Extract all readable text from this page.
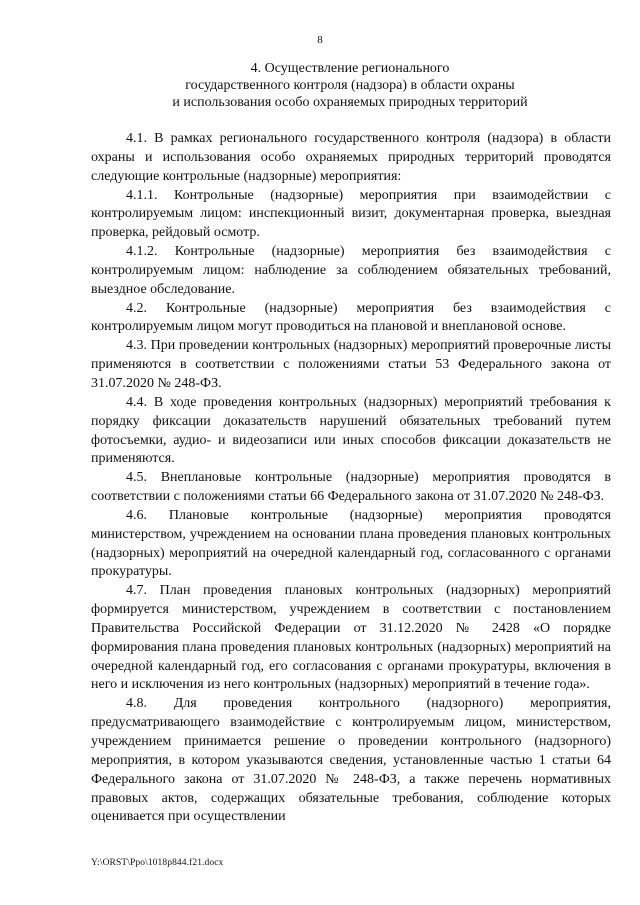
8
4. Осуществление регионального
государственного контроля (надзора) в области охраны
и использования особо охраняемых природных территорий

4.1. В рамках регионального государственного контроля (надзора) в области охраны и использования особо охраняемых природных территорий проводятся следующие контрольные (надзорные) мероприятия:

4.1.1. Контрольные (надзорные) мероприятия при взаимодействии с контролируемым лицом: инспекционный визит, документарная проверка, выездная проверка, рейдовый осмотр.

4.1.2. Контрольные (надзорные) мероприятия без взаимодействия с контролируемым лицом: наблюдение за соблюдением обязательных требований, выездное обследование.

4.2. Контрольные (надзорные) мероприятия без взаимодействия с контролируемым лицом могут проводиться на плановой и внеплановой основе.

4.3. При проведении контрольных (надзорных) мероприятий проверочные листы применяются в соответствии с положениями статьи 53 Федерального закона от 31.07.2020 № 248-ФЗ.

4.4. В ходе проведения контрольных (надзорных) мероприятий требования к порядку фиксации доказательств нарушений обязательных требований путем фотосъемки, аудио- и видеозаписи или иных способов фиксации доказательств не применяются.

4.5. Внеплановые контрольные (надзорные) мероприятия проводятся в соответствии с положениями статьи 66 Федерального закона от 31.07.2020 № 248-ФЗ.

4.6. Плановые контрольные (надзорные) мероприятия проводятся министерством, учреждением на основании плана проведения плановых контрольных (надзорных) мероприятий на очередной календарный год, согласованного с органами прокуратуры.

4.7. План проведения плановых контрольных (надзорных) мероприятий формируется министерством, учреждением в соответствии с постановлением Правительства Российской Федерации от 31.12.2020 № 2428 «О порядке формирования плана проведения плановых контрольных (надзорных) мероприятий на очередной календарный год, его согласования с органами прокуратуры, включения в него и исключения из него контрольных (надзорных) мероприятий в течение года».

4.8. Для проведения контрольного (надзорного) мероприятия, предусматривающего взаимодействие с контролируемым лицом, министерством, учреждением принимается решение о проведении контрольного (надзорного) мероприятия, в котором указываются сведения, установленные частью 1 статьи 64 Федерального закона от 31.07.2020 № 248-ФЗ, а также перечень нормативных правовых актов, содержащих обязательные требования, соблюдение которых оценивается при осуществлении

Y:\ORST\Ppo\1018p844.f21.docx
